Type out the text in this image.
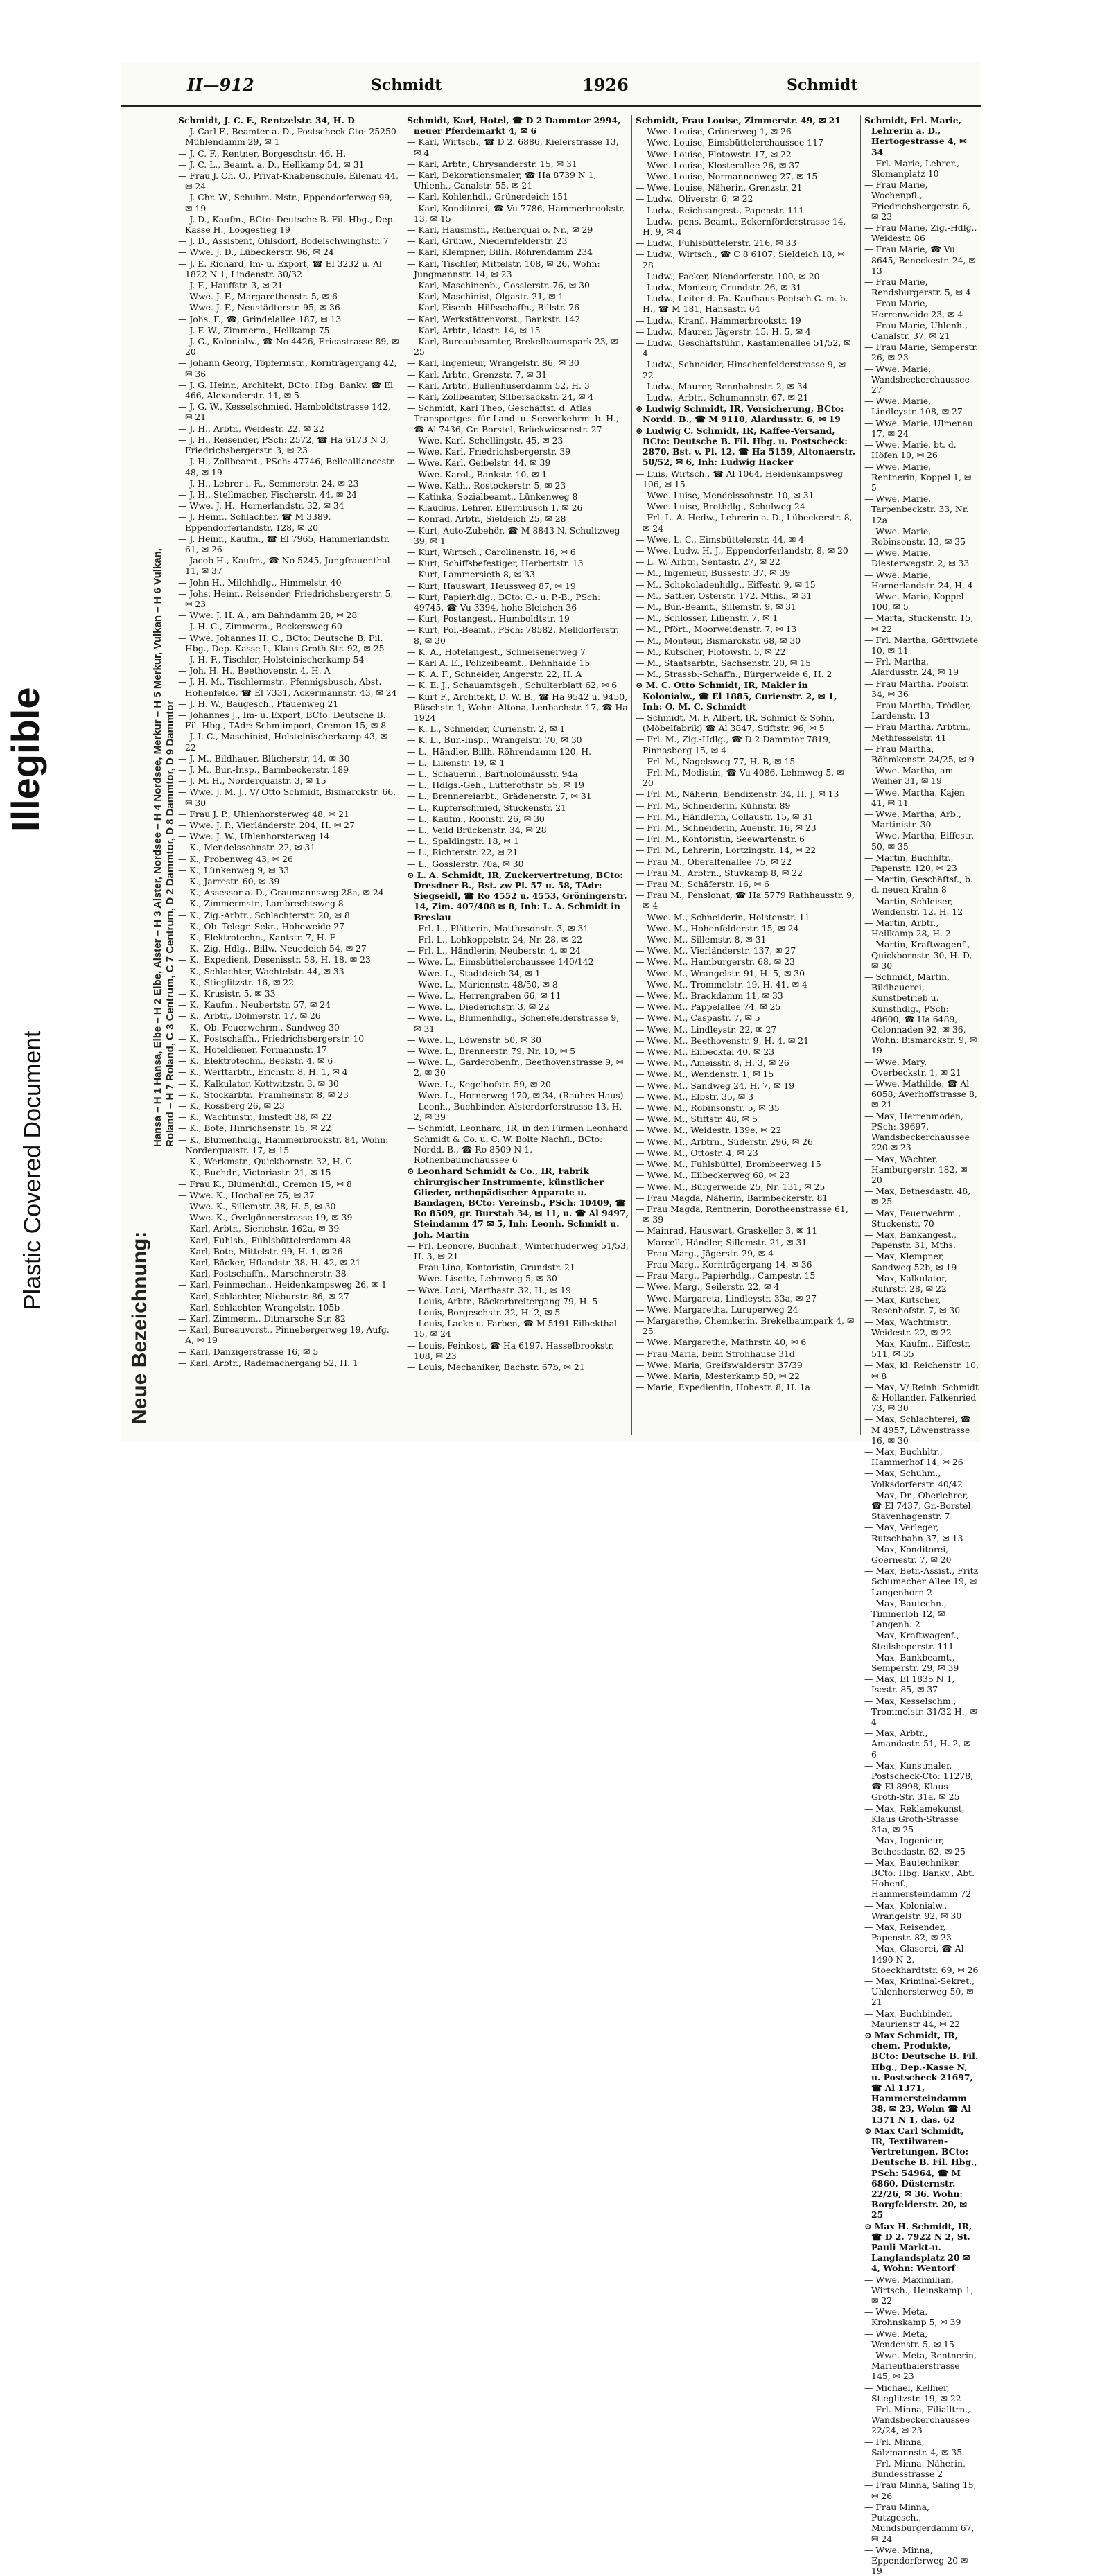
Illegible
Plastic Covered Document
II—912	Schmidt	1926	Schmidt
Neue Bezeichnung:
Hansa – H 1 Hansa, Elbe – H 2 Elbe, Alster – H 3 Alster, Nordsee – H 4 Nordsee, Merkur – H 5 Merkur, Vulkan – H 6 Vulkan, Roland – H 7 Roland, C 3 Centrum, C 7 Centrum, D 2 Dammtor, D 8 Dammtor, D 9 Dammtor

Schmidt, J. C. F., Rentzelstr. 34, H. D

— J. Carl F., Beamter a. D., Postscheck-Cto: 25250 Mühlendamm 29, ✉ 1

— J. C. F., Rentner, Borgeschstr. 46, H.

— J. C. L., Beamt. a. D., Hellkamp 54, ✉ 31

— Frau J. Ch. O., Privat-Knabenschule, Eilenau 44, ✉ 24

— J. Chr. W., Schuhm.-Mstr., Eppendorferweg 99, ✉ 19

— J. D., Kaufm., BCto: Deutsche B. Fil. Hbg., Dep.-Kasse H., Loogestieg 19

— J. D., Assistent, Ohlsdorf, Bodelschwinghstr. 7

— Wwe. J. D., Lübeckerstr. 96, ✉ 24

— J. E. Richard, Im- u. Export, ☎ El 3232 u. Al 1822 N 1, Lindenstr. 30/32

— J. F., Hauffstr. 3, ✉ 21

— Wwe. J. F., Margarethenstr. 5, ✉ 6

— Wwe. J. F., Neustädterstr. 95, ✉ 36

— Johs. F., ☎, Grindelallee 187, ✉ 13

— J. F. W., Zimmerm., Hellkamp 75

— J. G., Kolonialw., ☎ No 4426, Ericastrasse 89, ✉ 20

— Johann Georg, Töpfermstr., Kornträgergang 42, ✉ 36

— J. G. Heinr., Architekt, BCto: Hbg. Bankv. ☎ El 466, Alexanderstr. 11, ✉ 5

— J. G. W., Kesselschmied, Hamboldtstrasse 142, ✉ 21

— J. H., Arbtr., Weidestr. 22, ✉ 22

— J. H., Reisender, PSch: 2572, ☎ Ha 6173 N 3, Friedrichsbergerstr. 3, ✉ 23

— J. H., Zollbeamt., PSch: 47746, Bellealliancestr. 48, ✉ 19

— J. H., Lehrer i. R., Semmerstr. 24, ✉ 23

— J. H., Stellmacher, Fischerstr. 44, ✉ 24

— Wwe. J. H., Hornerlandstr. 32, ✉ 34

— J. Heinr., Schlachter, ☎ M 3389, Eppendorferlandstr. 128, ✉ 20

— J. Heinr., Kaufm., ☎ El 7965, Hammerlandstr. 61, ✉ 26

— Jacob H., Kaufm., ☎ No 5245, Jungfrauenthal 11, ✉ 37

— John H., Milchhdlg., Himmelstr. 40

— Johs. Heinr., Reisender, Friedrichsbergerstr. 5, ✉ 23

— Wwe. J. H. A., am Bahndamm 28, ✉ 28

— J. H. C., Zimmerm., Beckersweg 60

— Wwe. Johannes H. C., BCto: Deutsche B. Fil. Hbg., Dep.-Kasse L, Klaus Groth-Str. 92, ✉ 25

— J. H. F., Tischler, Holsteinischerkamp 54

— Joh. H. H., Beethovenstr. 4, H. A

— J. H. M., Tischlermstr., Pfennigsbusch, Abst. Hohenfelde, ☎ El 7331, Ackermannstr. 43, ✉ 24

— J. H. W., Baugesch., Pfauenweg 21

— Johannes J., Im- u. Export, BCto: Deutsche B. Fil. Hbg., TAdr: Schmiimport, Cremon 15, ✉ 8

— J. I. C., Maschinist, Holsteinischerkamp 43, ✉ 22

— J. M., Bildhauer, Blücherstr. 14, ✉ 30

— J. M., Bur.-Insp., Barmbeckerstr. 189

— J. M. H., Norderquaistr. 3, ✉ 15

— Wwe. J. M. J., V/ Otto Schmidt, Bismarckstr. 66, ✉ 30

— Frau J. P., Uhlenhorsterweg 48, ✉ 21

— Wwe. J. P., Vierländerstr. 204, H. ✉ 27

— Wwe. J. W., Uhlenhorsterweg 14

— K., Mendelssohnstr. 22, ✉ 31

— K., Probenweg 43, ✉ 26

— K., Lünkenweg 9, ✉ 33

— K., Jarrestr. 60, ✉ 39

— K., Assessor a. D., Graumannsweg 28a, ✉ 24

— K., Zimmermstr., Lambrechtsweg 8

— K., Zig.-Arbtr., Schlachterstr. 20, ✉ 8

— K., Ob.-Telegr.-Sekr., Hoheweide 27

— K., Elektrotechn., Kantstr. 7, H. F

— K., Zig.-Hdlg., Billw. Neuedeich 54, ✉ 27

— K., Expedient, Desenisstr. 58, H. 18, ✉ 23

— K., Schlachter, Wachtelstr. 44, ✉ 33

— K., Stieglitzstr. 16, ✉ 22

— K., Krusistr. 5, ✉ 33

— K., Kaufm., Neubertstr. 57, ✉ 24

— K., Arbtr., Döhnerstr. 17, ✉ 26

— K., Ob.-Feuerwehrm., Sandweg 30

— K., Postschaffn., Friedrichsbergerstr. 10

— K., Hoteldiener, Formannstr. 17

— K., Elektrotechn., Beckstr. 4, ✉ 6

— K., Werftarbtr., Erichstr. 8, H. 1, ✉ 4

— K., Kalkulator, Kottwitzstr. 3, ✉ 30

— K., Stockarbtr., Framheinstr. 8, ✉ 23

— K., Rossberg 26, ✉ 23

— K., Wachtmstr., Imstedt 38, ✉ 22

— K., Bote, Hinrichsenstr. 15, ✉ 22

— K., Blumenhdlg., Hammerbrookstr. 84, Wohn: Norderquaistr. 17, ✉ 15

— K., Werkmstr., Quickbornstr. 32, H. C

— K., Buchdr., Victoriastr. 21, ✉ 15

— Frau K., Blumenhdl., Cremon 15, ✉ 8

— Wwe. K., Hochallee 75, ✉ 37

— Wwe. K., Sillemstr. 38, H. 5, ✉ 30

— Wwe. K., Övelgönnerstrasse 19, ✉ 39

— Karl, Arbtr., Sierichstr. 162a, ✉ 39

— Karl, Fuhlsb., Fuhlsbüttelerdamm 48

— Karl, Bote, Mittelstr. 99, H. 1, ✉ 26

— Karl, Bäcker, Hflandstr. 38, H. 42, ✉ 21

— Karl, Postschaffn., Marschnerstr. 38

— Karl, Feinmechan., Heidenkampsweg 26, ✉ 1

— Karl, Schlachter, Nieburstr. 86, ✉ 27

— Karl, Schlachter, Wrangelstr. 105b

— Karl, Zimmerm., Ditmarsche Str. 82

— Karl, Bureauvorst., Pinnebergerweg 19, Aufg. A, ✉ 19

— Karl, Danzigerstrasse 16, ✉ 5

— Karl, Arbtr., Rademachergang 52, H. 1

Schmidt, Karl, Hotel, ☎ D 2 Dammtor 2994, neuer Pferdemarkt 4, ✉ 6

— Karl, Wirtsch., ☎ D 2. 6886, Kielerstrasse 13, ✉ 4

— Karl, Arbtr., Chrysanderstr. 15, ✉ 31

— Karl, Dekorationsmaler, ☎ Ha 8739 N 1, Uhlenh., Canalstr. 55, ✉ 21

— Karl, Kohlenhdl., Grünerdeich 151

— Karl, Konditorei, ☎ Vu 7786, Hammerbrookstr. 13, ✉ 15

— Karl, Hausmstr., Reiherquai o. Nr., ✉ 29

— Karl, Grünw., Niedernfelderstr. 23

— Karl, Klempner, Billh. Röhrendamm 234

— Karl, Tischler, Mittelstr. 108, ✉ 26, Wohn: Jungmannstr. 14, ✉ 23

— Karl, Maschinenb., Gosslerstr. 76, ✉ 30

— Karl, Maschinist, Olgastr. 21, ✉ 1

— Karl, Eisenb.-Hilfsschaffn., Billstr. 76

— Karl, Werkstättenvorst., Bankstr. 142

— Karl, Arbtr., Idastr. 14, ✉ 15

— Karl, Bureaubeamter, Brekelbaumspark 23, ✉ 25

— Karl, Ingenieur, Wrangelstr. 86, ✉ 30

— Karl, Arbtr., Grenzstr. 7, ✉ 31

— Karl, Arbtr., Bullenhuserdamm 52, H. 3

— Karl, Zollbeamter, Silbersackstr. 24, ✉ 4

— Schmidt, Karl Theo, Geschäftsf. d. Atlas Transportges. für Land- u. Seeverkehrm. b. H., ☎ Al 7436, Gr. Borstel, Brückwiesenstr. 27

— Wwe. Karl, Schellingstr. 45, ✉ 23

— Wwe. Karl, Friedrichsbergerstr. 39

— Wwe. Karl, Geibelstr. 44, ✉ 39

— Wwe. Karol., Bankstr. 10, ✉ 1

— Wwe. Kath., Rostockerstr. 5, ✉ 23

— Katinka, Sozialbeamt., Lünkenweg 8

— Klaudius, Lehrer, Ellernbusch 1, ✉ 26

— Konrad, Arbtr., Sieldeich 25, ✉ 28

— Kurt, Auto-Zubehör, ☎ M 8843 N, Schultzweg 39, ✉ 1

— Kurt, Wirtsch., Carolinenstr. 16, ✉ 6

— Kurt, Schiffsbefestiger, Herbertstr. 13

— Kurt, Lammersieth 8, ✉ 33

— Kurt, Hauswart, Heussweg 87, ✉ 19

— Kurt, Papierhdlg., BCto: C.- u. P.-B., PSch: 49745, ☎ Vu 3394, hohe Bleichen 36

— Kurt, Postangest., Humboldtstr. 19

— Kurt, Pol.-Beamt., PSch: 78582, Melldorferstr. 8, ✉ 30

— K. A., Hotelangest., Schnelsenerweg 7

— Karl A. E., Polizeibeamt., Dehnhaide 15

— K. A. F., Schneider, Angerstr. 22, H. A

— K. E. J., Schauamtsgeh., Schulterblatt 62, ✉ 6

— Kurt F., Architekt, D. W. B., ☎ Ha 9542 u. 9450, Büschstr. 1, Wohn: Altona, Lenbachstr. 17, ☎ Ha 1924

— K. L., Schneider, Curienstr. 2, ✉ 1

— K. L., Bur.-Insp., Wrangelstr. 70, ✉ 30

— L., Händler, Billh. Röhrendamm 120, H.

— L., Lilienstr. 19, ✉ 1

— L., Schauerm., Bartholomäusstr. 94a

— L., Hdlgs.-Geh., Lutterothstr. 55, ✉ 19

— L., Brennereiarbt., Grädenerstr. 7, ✉ 31

— L., Kupferschmied, Stuckenstr. 21

— L., Kaufm., Roonstr. 26, ✉ 30

— L., Veild Brückenstr. 34, ✉ 28

— L., Spaldingstr. 18, ✉ 1

— L., Richterstr. 22, ✉ 21

— L., Gosslerstr. 70a, ✉ 30

⊙ L. A. Schmidt, IR, Zuckervertretung, BCto: Dresdner B., Bst. zw Pl. 57 u. 58, TAdr: Siegseidl, ☎ Ro 4552 u. 4553, Gröningerstr. 14, Zim. 407/408 ✉ 8, Inh: L. A. Schmidt in Breslau

— Frl. L., Plätterin, Matthesonstr. 3, ✉ 31

— Frl. L., Lohkoppelstr. 24, Nr. 28, ✉ 22

— Frl. L., Händlerin, Neuberstr. 4, ✉ 24

— Wwe. L., Eimsbüttelerchaussee 140/142

— Wwe. L., Stadtdeich 34, ✉ 1

— Wwe. L., Mariennstr. 48/50, ✉ 8

— Wwe. L., Herrengraben 66, ✉ 11

— Wwe. L., Diederichstr. 3, ✉ 22

— Wwe. L., Blumenhdlg., Schenefelderstrasse 9, ✉ 31

— Wwe. L., Löwenstr. 50, ✉ 30

— Wwe. L., Brennerstr. 79, Nr. 10, ✉ 5

— Wwe. L., Garderobenfr., Beethovenstrasse 9, ✉ 2, ✉ 30

— Wwe. L., Kegelhofstr. 59, ✉ 20

— Wwe. L., Hornerweg 170, ✉ 34, (Rauhes Haus)

— Leonh., Buchbinder, Alsterdorferstrasse 13, H. 2, ✉ 39

— Schmidt, Leonhard, IR, in den Firmen Leonhard Schmidt & Co. u. C. W. Bolte Nachfl., BCto: Nordd. B., ☎ Ro 8509 N 1, Rothenbaumchaussee 6

⊙ Leonhard Schmidt & Co., IR, Fabrik chirurgischer Instrumente, künstlicher Glieder, orthopädischer Apparate u. Bandagen, BCto: Vereinsb., PSch: 10409, ☎ Ro 8509, gr. Burstah 34, ✉ 11, u. ☎ Al 9497, Steindamm 47 ✉ 5, Inh: Leonh. Schmidt u. Joh. Martin

— Frl. Leonore, Buchhalt., Winterhuderweg 51/53, H. 3, ✉ 21

— Frau Lina, Kontoristin, Grundstr. 21

— Wwe. Lisette, Lehmweg 5, ✉ 30

— Wwe. Loni, Marthastr. 32, H., ✉ 19

— Louis, Arbtr., Bäckerbreitergang 79, H. 5

— Louis, Borgeschstr. 32, H. 2, ✉ 5

— Louis, Lacke u. Farben, ☎ M 5191 Eilbekthal 15, ✉ 24

— Louis, Feinkost, ☎ Ha 6197, Hasselbrookstr. 108, ✉ 23

— Louis, Mechaniker, Bachstr. 67b, ✉ 21

Schmidt, Frau Louise, Zimmerstr. 49, ✉ 21

— Wwe. Louise, Grünerweg 1, ✉ 26

— Wwe. Louise, Eimsbüttelerchaussee 117

— Wwe. Louise, Flotowstr. 17, ✉ 22

— Wwe. Louise, Klosterallee 26, ✉ 37

— Wwe. Louise, Normannenweg 27, ✉ 15

— Wwe. Louise, Näherin, Grenzstr. 21

— Ludw., Oliverstr. 6, ✉ 22

— Ludw., Reichsangest., Papenstr. 111

— Ludw., pens. Beamt., Eckernförderstrasse 14, H. 9, ✉ 4

— Ludw., Fuhlsbüttelerstr. 216, ✉ 33

— Ludw., Wirtsch., ☎ C 8 6107, Sieldeich 18, ✉ 28

— Ludw., Packer, Niendorferstr. 100, ✉ 20

— Ludw., Monteur, Grundstr. 26, ✉ 31

— Ludw., Leiter d. Fa. Kaufhaus Poetsch G. m. b. H., ☎ M 181, Hansastr. 64

— Ludw., Kranf., Hammerbrookstr. 19

— Ludw., Maurer, Jägerstr. 15, H. 5, ✉ 4

— Ludw., Geschäftsführ., Kastanienallee 51/52, ✉ 4

— Ludw., Schneider, Hinschenfelderstrasse 9, ✉ 22

— Ludw., Maurer, Rennbahnstr. 2, ✉ 34

— Ludw., Arbtr., Schumannstr. 67, ✉ 21

⊙ Ludwig Schmidt, IR, Versicherung, BCto: Nordd. B., ☎ M 9110, Alardusstr. 6, ✉ 19

⊙ Ludwig C. Schmidt, IR, Kaffee-Versand, BCto: Deutsche B. Fil. Hbg. u. Postscheck: 2870, Bst. v. Pl. 12, ☎ Ha 5159, Altonaerstr. 50/52, ✉ 6, Inh: Ludwig Hacker

— Luis, Wirtsch., ☎ Al 1064, Heidenkampsweg 106, ✉ 15

— Wwe. Luise, Mendelssohnstr. 10, ✉ 31

— Wwe. Luise, Brothdlg., Schulweg 24

— Frl. L. A. Hedw., Lehrerin a. D., Lübeckerstr. 8, ✉ 24

— Wwe. L. C., Eimsbüttelerstr. 44, ✉ 4

— Wwe. Ludw. H. J., Eppendorferlandstr. 8, ✉ 20

— L. W. Arbtr., Sentastr. 27, ✉ 22

— M., Ingenieur, Bussestr. 37, ✉ 39

— M., Schokoladenhdlg., Eiffestr. 9, ✉ 15

— M., Sattler, Osterstr. 172, Mths., ✉ 31

— M., Bur.-Beamt., Sillemstr. 9, ✉ 31

— M., Schlosser, Lilienstr. 7, ✉ 1

— M., Pfört., Moorweidenstr. 7, ✉ 13

— M., Monteur, Bismarckstr. 68, ✉ 30

— M., Kutscher, Flotowstr. 5, ✉ 22

— M., Staatsarbtr., Sachsenstr. 20, ✉ 15

— M., Strassb.-Schaffn., Bürgerweide 6, H. 2

⊙ M. C. Otto Schmidt, IR, Makler in Kolonialw., ☎ El 1885, Curienstr. 2, ✉ 1, Inh: O. M. C. Schmidt

— Schmidt, M. F. Albert, IR, Schmidt & Sohn, (Möbelfabrik) ☎ Al 3847, Stiftstr. 96, ✉ 5

— Frl. M., Zig.-Hdlg., ☎ D 2 Dammtor 7819, Pinnasberg 15, ✉ 4

— Frl. M., Nagelsweg 77, H. B, ✉ 15

— Frl. M., Modistin, ☎ Vu 4086, Lehmweg 5, ✉ 20

— Frl. M., Näherin, Bendixenstr. 34, H. J, ✉ 13

— Frl. M., Schneiderin, Kühnstr. 89

— Frl. M., Händlerin, Collaustr. 15, ✉ 31

— Frl. M., Schneiderin, Auenstr. 16, ✉ 23

— Frl. M., Kontoristin, Seewartenstr. 6

— Frl. M., Lehrerin, Lortzingstr. 14, ✉ 22

— Frau M., Oberaltenallee 75, ✉ 22

— Frau M., Arbtrn., Stuvkamp 8, ✉ 22

— Frau M., Schäferstr. 16, ✉ 6

— Frau M., Penslonat, ☎ Ha 5779 Rathhausstr. 9, ✉ 4

— Wwe. M., Schneiderin, Holstenstr. 11

— Wwe. M., Hohenfelderstr. 15, ✉ 24

— Wwe. M., Sillemstr. 8, ✉ 31

— Wwe. M., Vierländerstr. 137, ✉ 27

— Wwe. M., Hamburgerstr. 68, ✉ 23

— Wwe. M., Wrangelstr. 91, H. 5, ✉ 30

— Wwe. M., Trommelstr. 19, H. 41, ✉ 4

— Wwe. M., Brackdamm 11, ✉ 33

— Wwe. M., Pappelallee 74, ✉ 25

— Wwe. M., Caspastr. 7, ✉ 5

— Wwe. M., Lindleystr. 22, ✉ 27

— Wwe. M., Beethovenstr. 9, H. 4, ✉ 21

— Wwe. M., Eilbecktal 40, ✉ 23

— Wwe. M., Ameisstr. 8, H. 3, ✉ 26

— Wwe. M., Wendenstr. 1, ✉ 15

— Wwe. M., Sandweg 24, H. 7, ✉ 19

— Wwe. M., Elbstr. 35, ✉ 3

— Wwe. M., Robinsonstr. 5, ✉ 35

— Wwe. M., Stiftstr. 48, ✉ 5

— Wwe. M., Weidestr. 139e, ✉ 22

— Wwe. M., Arbtrn., Süderstr. 296, ✉ 26

— Wwe. M., Ottostr. 4, ✉ 23

— Wwe. M., Fuhlsbüttel, Brombeerweg 15

— Wwe. M., Eilbeckerweg 68, ✉ 23

— Wwe. M., Bürgerweide 25, Nr. 131, ✉ 25

— Frau Magda, Näherin, Barmbeckerstr. 81

— Frau Magda, Rentnerin, Dorotheenstrasse 61, ✉ 39

— Mainrad, Hauswart, Graskeller 3, ✉ 11

— Marcell, Händler, Sillemstr. 21, ✉ 31

— Frau Marg., Jägerstr. 29, ✉ 4

— Frau Marg., Kornträgergang 14, ✉ 36

— Frau Marg., Papierhdlg., Campestr. 15

— Wwe. Marg., Seilerstr. 22, ✉ 4

— Wwe. Margareta, Lindleystr. 33a, ✉ 27

— Wwe. Margaretha, Luruperweg 24

— Margarethe, Chemikerin, Brekelbaumpark 4, ✉ 25

— Wwe. Margarethe, Mathrstr. 40, ✉ 6

— Frau Maria, beim Strohhause 31d

— Wwe. Maria, Greifswalderstr. 37/39

— Wwe. Maria, Mesterkamp 50, ✉ 22

— Marie, Expedientin, Hohestr. 8, H. 1a

Schmidt, Frl. Marie, Lehrerin a. D., Hertogestrasse 4, ✉ 34

— Frl. Marie, Lehrer., Slomanplatz 10

— Frau Marie, Wochenpfl., Friedrichsbergerstr. 6, ✉ 23

— Frau Marie, Zig.-Hdlg., Weidestr. 86

— Frau Marie, ☎ Vu 8645, Beneckestr. 24, ✉ 13

— Frau Marie, Rendsburgerstr. 5, ✉ 4

— Frau Marie, Herrenweide 23, ✉ 4

— Frau Marie, Uhlenh., Canalstr. 37, ✉ 21

— Frau Marie, Semperstr. 26, ✉ 23

— Wwe. Marie, Wandsbeckerchaussee 27

— Wwe. Marie, Lindleystr. 108, ✉ 27

— Wwe. Marie, Ulmenau 17, ✉ 24

— Wwe. Marie, bt. d. Höfen 10, ✉ 26

— Wwe. Marie, Rentnerin, Koppel 1, ✉ 5

— Wwe. Marie, Tarpenbeckstr. 33, Nr. 12a

— Wwe. Marie, Robinsonstr. 13, ✉ 35

— Wwe. Marie, Diesterwegstr. 2, ✉ 33

— Wwe. Marie, Hornerlandstr. 24, H. 4

— Wwe. Marie, Koppel 100, ✉ 5

— Marta, Stuckenstr. 15, ✉ 22

— Frl. Martha, Görttwiete 10, ✉ 11

— Frl. Martha, Alardusstr. 24, ✉ 19

— Frau Martha, Poolstr. 34, ✉ 36

— Frau Martha, Trödler, Lardenstr. 13

— Frau Martha, Arbtrn., Methfesselstr. 41

— Frau Martha, Böhmkenstr. 24/25, ✉ 9

— Wwe. Martha, am Weiher 31, ✉ 19

— Wwe. Martha, Kajen 41, ✉ 11

— Wwe. Martha, Arb., Martinistr. 30

— Wwe. Martha, Eiffestr. 50, ✉ 35

— Martin, Buchhltr., Papenstr. 120, ✉ 23

— Martin, Geschäftsf., b. d. neuen Krahn 8

— Martin, Schleiser, Wendenstr. 12, H. 12

— Martin, Arbtr., Hellkamp 28, H. 2

— Martin, Kraftwagenf., Quickbornstr. 30, H. D, ✉ 30

— Schmidt, Martin, Bildhauerei, Kunstbetrieb u. Kunsthdlg., PSch: 48600, ☎ Ha 6489, Colonnaden 92, ✉ 36, Wohn: Bismarckstr. 9, ✉ 19

— Wwe. Mary, Overbeckstr. 1, ✉ 21

— Wwe. Mathilde, ☎ Al 6058, Averhoffstrasse 8, ✉ 21

— Max, Herrenmoden, PSch: 39697, Wandsbeckerchaussee 220 ✉ 23

— Max, Wächter, Hamburgerstr. 182, ✉ 20

— Max, Betnesdastr. 48, ✉ 25

— Max, Feuerwehrm., Stuckenstr. 70

— Max, Bankangest., Papenstr. 31, Mths.

— Max, Klempner, Sandweg 52b, ✉ 19

— Max, Kalkulator, Ruhrstr. 28, ✉ 22

— Max, Kutscher, Rosenhofstr. 7, ✉ 30

— Max, Wachtmstr., Weidestr. 22, ✉ 22

— Max, Kaufm., Eiffestr. 511, ✉ 35

— Max, kl. Reichenstr. 10, ✉ 8

— Max, V/ Reinh. Schmidt & Hollander, Falkenried 73, ✉ 30

— Max, Schlachterei, ☎ M 4957, Löwenstrasse 16, ✉ 30

— Max, Buchhltr., Hammerhof 14, ✉ 26

— Max, Schuhm., Volksdorferstr. 40/42

— Max, Dr., Oberlehrer, ☎ El 7437, Gr.-Borstel, Stavenhagenstr. 7

— Max, Verleger, Rutschbahn 37, ✉ 13

— Max, Konditorei, Goernestr. 7, ✉ 20

— Max, Betr.-Assist., Fritz Schumacher Allee 19, ✉ Langenhorn 2

— Max, Bautechn., Timmerloh 12, ✉ Langenh. 2

— Max, Kraftwagenf., Steilshoperstr. 111

— Max, Bankbeamt., Semperstr. 29, ✉ 39

— Max, El 1835 N 1, Isestr. 85, ✉ 37

— Max, Kesselschm., Trommelstr. 31/32 H., ✉ 4

— Max, Arbtr., Amandastr. 51, H. 2, ✉ 6

— Max, Kunstmaler, Postscheck-Cto: 11278, ☎ El 8998, Klaus Groth-Str. 31a, ✉ 25

— Max, Reklamekunst, Klaus Groth-Strasse 31a, ✉ 25

— Max, Ingenieur, Bethesdastr. 62, ✉ 25

— Max, Bautechniker, BCto: Hbg. Bankv., Abt. Hohenf., Hammersteindamm 72

— Max, Kolonialw., Wrangelstr. 92, ✉ 30

— Max, Reisender, Papenstr. 82, ✉ 23

— Max, Glaserei, ☎ Al 1490 N 2, Stoeckhardtstr. 69, ✉ 26

— Max, Kriminal-Sekret., Uhlenhorsterweg 50, ✉ 21

— Max, Buchbinder, Maurienstr 44, ✉ 22

⊙ Max Schmidt, IR, chem. Produkte, BCto: Deutsche B. Fil. Hbg., Dep.-Kasse N, u. Postscheck 21697, ☎ Al 1371, Hammersteindamm 38, ✉ 23, Wohn ☎ Al 1371 N 1, das. 62

⊙ Max Carl Schmidt, IR, Textilwaren-Vertretungen, BCto: Deutsche B. Fil. Hbg., PSch: 54964, ☎ M 6860, Düsternstr. 22/26, ✉ 36. Wohn: Borgfelderstr. 20, ✉ 25

⊙ Max H. Schmidt, IR, ☎ D 2. 7922 N 2, St. Pauli Markt-u. Langlandsplatz 20 ✉ 4, Wohn: Wentorf

— Wwe. Maximilian, Wirtsch., Heinskamp 1, ✉ 22

— Wwe. Meta, Krohnskamp 5, ✉ 39

— Wwe. Meta, Wendenstr. 5, ✉ 15

— Wwe. Meta, Rentnerin, Marienthalerstrasse 145, ✉ 23

— Michael, Kellner, Stieglitzstr. 19, ✉ 22

— Frl. Minna, Filialltrn., Wandsbeckerchaussee 22/24, ✉ 23

— Frl. Minna, Salzmannstr. 4, ✉ 35

— Frl. Minna, Näherin, Bundesstrasse 2

— Frau Minna, Saling 15, ✉ 26

— Frau Minna, Putzgesch., Mundsburgerdamm 67, ✉ 24

— Wwe. Minna, Eppendorferweg 20 ✉ 19
